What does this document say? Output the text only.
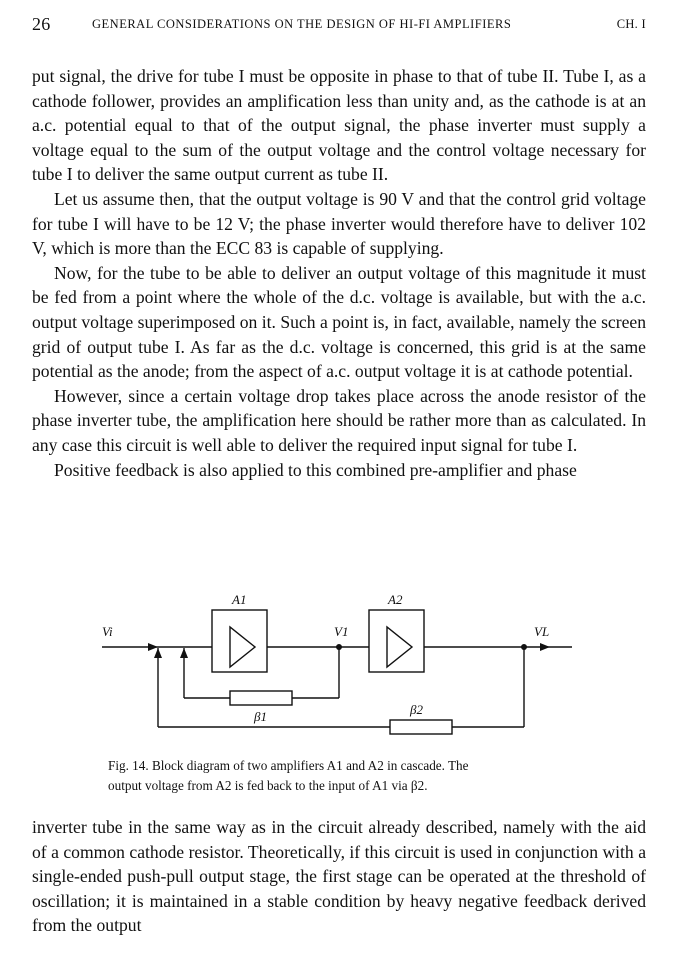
26	GENERAL CONSIDERATIONS ON THE DESIGN OF HI-FI AMPLIFIERS	CH. I

put signal, the drive for tube I must be opposite in phase to that of tube II. Tube I, as a cathode follower, provides an amplification less than unity and, as the cathode is at an a.c. potential equal to that of the output signal, the phase inverter must supply a voltage equal to the sum of the output voltage and the control voltage necessary for tube I to deliver the same output current as tube II.

Let us assume then, that the output voltage is 90 V and that the control grid voltage for tube I will have to be 12 V; the phase inverter would therefore have to deliver 102 V, which is more than the ECC 83 is capable of supplying.

Now, for the tube to be able to deliver an output voltage of this magnitude it must be fed from a point where the whole of the d.c. voltage is available, but with the a.c. output voltage superimposed on it. Such a point is, in fact, available, namely the screen grid of output tube I. As far as the d.c. voltage is concerned, this grid is at the same potential as the anode; from the aspect of a.c. output voltage it is at cathode potential.

However, since a certain voltage drop takes place across the anode resistor of the phase inverter tube, the amplification here should be rather more than as calculated. In any case this circuit is well able to deliver the required input signal for tube I.

Positive feedback is also applied to this combined pre-amplifier and phase

A1	A2
Vi	V1	VL
β1	β2
Fig. 14. Block diagram of two amplifiers A1 and A2 in cascade. The
output voltage from A2 is fed back to the input of A1 via β2.

inverter tube in the same way as in the circuit already described, namely with the aid of a common cathode resistor. Theoretically, if this circuit is used in conjunction with a single-ended push-pull output stage, the first stage can be operated at the threshold of oscillation; it is maintained in a stable condition by heavy negative feedback derived from the output
